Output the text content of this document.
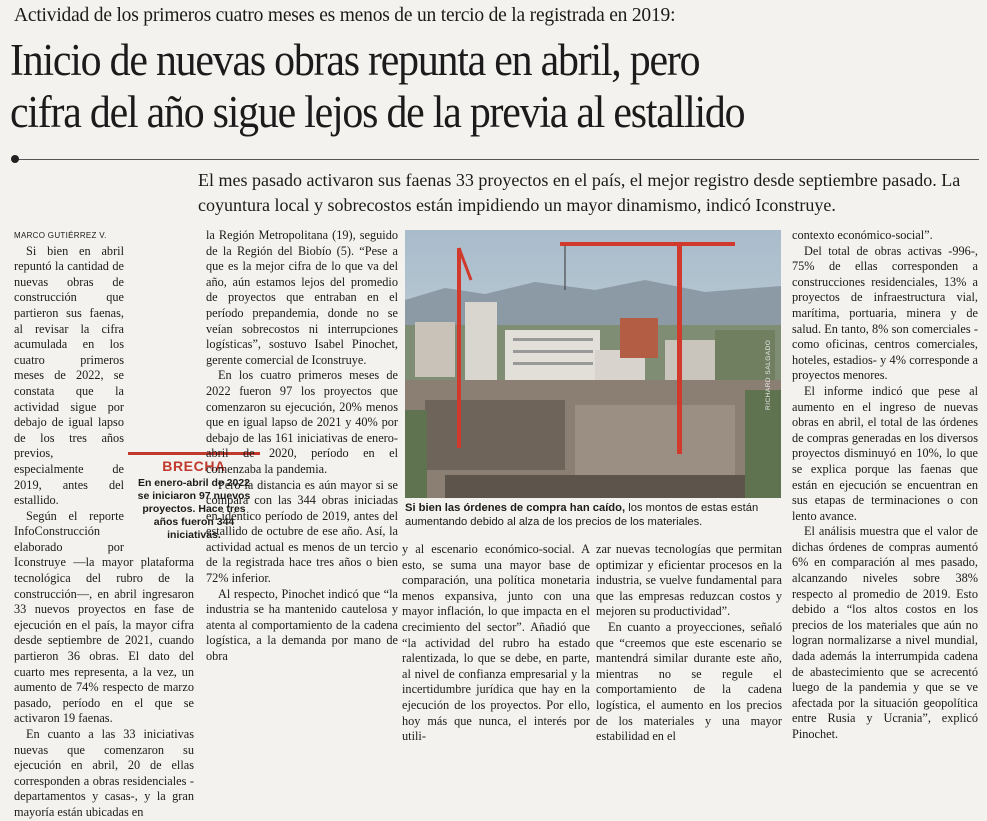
Actividad de los primeros cuatro meses es menos de un tercio de la registrada en 2019:
Inicio de nuevas obras repunta en abril, pero
cifra del año sigue lejos de la previa al estallido
El mes pasado activaron sus faenas 33 proyectos en el país, el mejor registro desde septiembre pasado. La coyuntura local y sobrecostos están impidiendo un mayor dinamismo, indicó Iconstruye.

MARCO GUTIÉRREZ V.

Si bien en abril repuntó la cantidad de nuevas obras de construcción que partieron sus faenas, al revisar la cifra acumulada en los cuatro primeros meses de 2022, se constata que la actividad sigue por debajo de igual lapso de los tres años previos, especialmente de 2019, antes del estallido.

Según el reporte InfoConstrucción elaborado por Iconstruye —la mayor plataforma tecnológica del rubro de la construcción—, en abril ingresaron 33 nuevos proyectos en fase de ejecución en el país, la mayor cifra desde septiembre de 2021, cuando partieron 36 obras. El dato del cuarto mes representa, a la vez, un aumento de 74% respecto de marzo pasado, período en el que se activaron 19 faenas.

En cuanto a las 33 iniciativas nuevas que comenzaron su ejecución en abril, 20 de ellas corresponden a obras residenciales -departamentos y casas-, y la gran mayoría están ubicadas en

BRECHA
En enero-abril de 2022 se iniciaron 97 nuevos proyectos. Hace tres años fueron 344 iniciativas.

la Región Metropolitana (19), seguido de la Región del Biobío (5). “Pese a que es la mejor cifra de lo que va del año, aún estamos lejos del promedio de proyectos que entraban en el período prepandemia, donde no se veían sobrecostos ni interrupciones logísticas”, sostuvo Isabel Pinochet, gerente comercial de Iconstruye.

En los cuatro primeros meses de 2022 fueron 97 los proyectos que comenzaron su ejecución, 20% menos que en igual lapso de 2021 y 40% por debajo de las 161 iniciativas de enero-abril de 2020, período en el comenzaba la pandemia.

Pero la distancia es aún mayor si se compara con las 344 obras iniciadas en idéntico período de 2019, antes del estallido de octubre de ese año. Así, la actividad actual es menos de un tercio de la registrada hace tres años o bien 72% inferior.

Al respecto, Pinochet indicó que “la industria se ha mantenido cautelosa y atenta al comportamiento de la cadena logística, a la demanda por mano de obra

RICHARD SALGADO
Si bien las órdenes de compra han caído, los montos de estas están aumentando debido al alza de los precios de los materiales.

y al escenario económico-social. A esto, se suma una mayor base de comparación, una política monetaria menos expansiva, junto con una mayor inflación, lo que impacta en el crecimiento del sector”. Añadió que “la actividad del rubro ha estado ralentizada, lo que se debe, en parte, al nivel de confianza empresarial y la incertidumbre jurídica que hay en la ejecución de los proyectos. Por ello, hoy más que nunca, el interés por utili-

zar nuevas tecnologías que permitan optimizar y eficientar procesos en la industria, se vuelve fundamental para que las empresas reduzcan costos y mejoren su productividad”.

En cuanto a proyecciones, señaló que “creemos que este escenario se mantendrá similar durante este año, mientras no se regule el comportamiento de la cadena logística, el aumento en los precios de los materiales y una mayor estabilidad en el

contexto económico-social”.

Del total de obras activas -996-, 75% de ellas corresponden a construcciones residenciales, 13% a proyectos de infraestructura vial, marítima, portuaria, minera y de salud. En tanto, 8% son comerciales -como oficinas, centros comerciales, hoteles, estadios- y 4% corresponde a proyectos menores.

El informe indicó que pese al aumento en el ingreso de nuevas obras en abril, el total de las órdenes de compras generadas en los diversos proyectos disminuyó en 10%, lo que se explica porque las faenas que están en ejecución se encuentran en sus etapas de terminaciones o con lento avance.

El análisis muestra que el valor de dichas órdenes de compras aumentó 6% en comparación al mes pasado, alcanzando niveles sobre 38% respecto al promedio de 2019. Esto debido a “los altos costos en los precios de los materiales que aún no logran normalizarse a nivel mundial, dada además la interrumpida cadena de abastecimiento que se acrecentó luego de la pandemia y que se ve afectada por la situación geopolítica entre Rusia y Ucrania”, explicó Pinochet.
